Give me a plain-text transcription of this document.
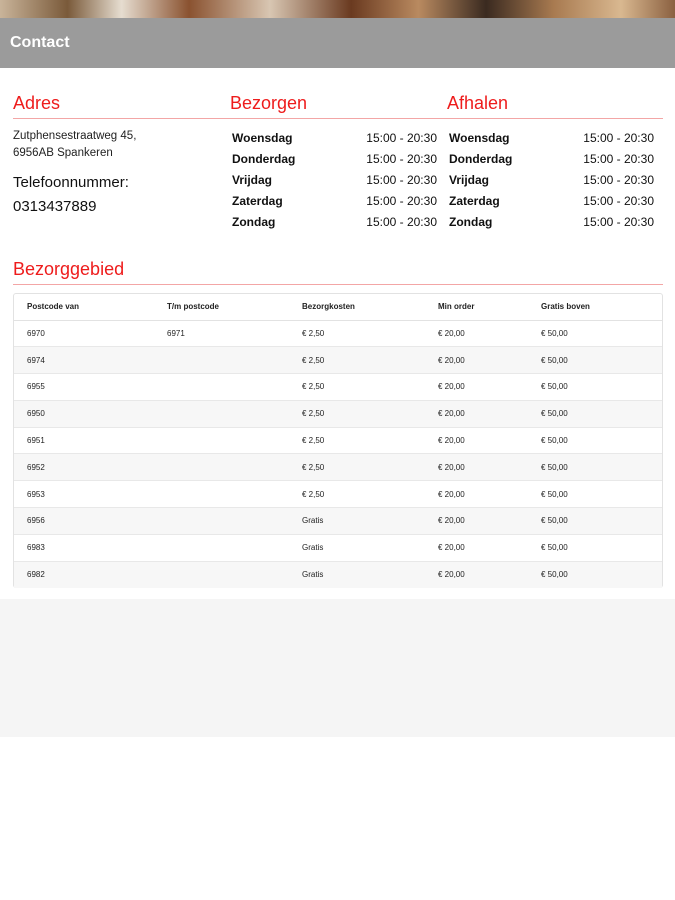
Contact
Adres	Bezorgen	Afhalen
Zutphensestraatweg 45,
6956AB Spankeren
Telefoonnummer:
0313437889
Woensdag	15:00 - 20:30
Donderdag	15:00 - 20:30
Vrijdag	15:00 - 20:30
Zaterdag	15:00 - 20:30
Zondag	15:00 - 20:30
Woensdag	15:00 - 20:30
Donderdag	15:00 - 20:30
Vrijdag	15:00 - 20:30
Zaterdag	15:00 - 20:30
Zondag	15:00 - 20:30
Bezorggebied
Postcode van	T/m postcode	Bezorgkosten	Min order	Gratis boven
6970	6971	€ 2,50	€ 20,00	€ 50,00
6974		€ 2,50	€ 20,00	€ 50,00
6955		€ 2,50	€ 20,00	€ 50,00
6950		€ 2,50	€ 20,00	€ 50,00
6951		€ 2,50	€ 20,00	€ 50,00
6952		€ 2,50	€ 20,00	€ 50,00
6953		€ 2,50	€ 20,00	€ 50,00
6956		Gratis	€ 20,00	€ 50,00
6983		Gratis	€ 20,00	€ 50,00
6982		Gratis	€ 20,00	€ 50,00
